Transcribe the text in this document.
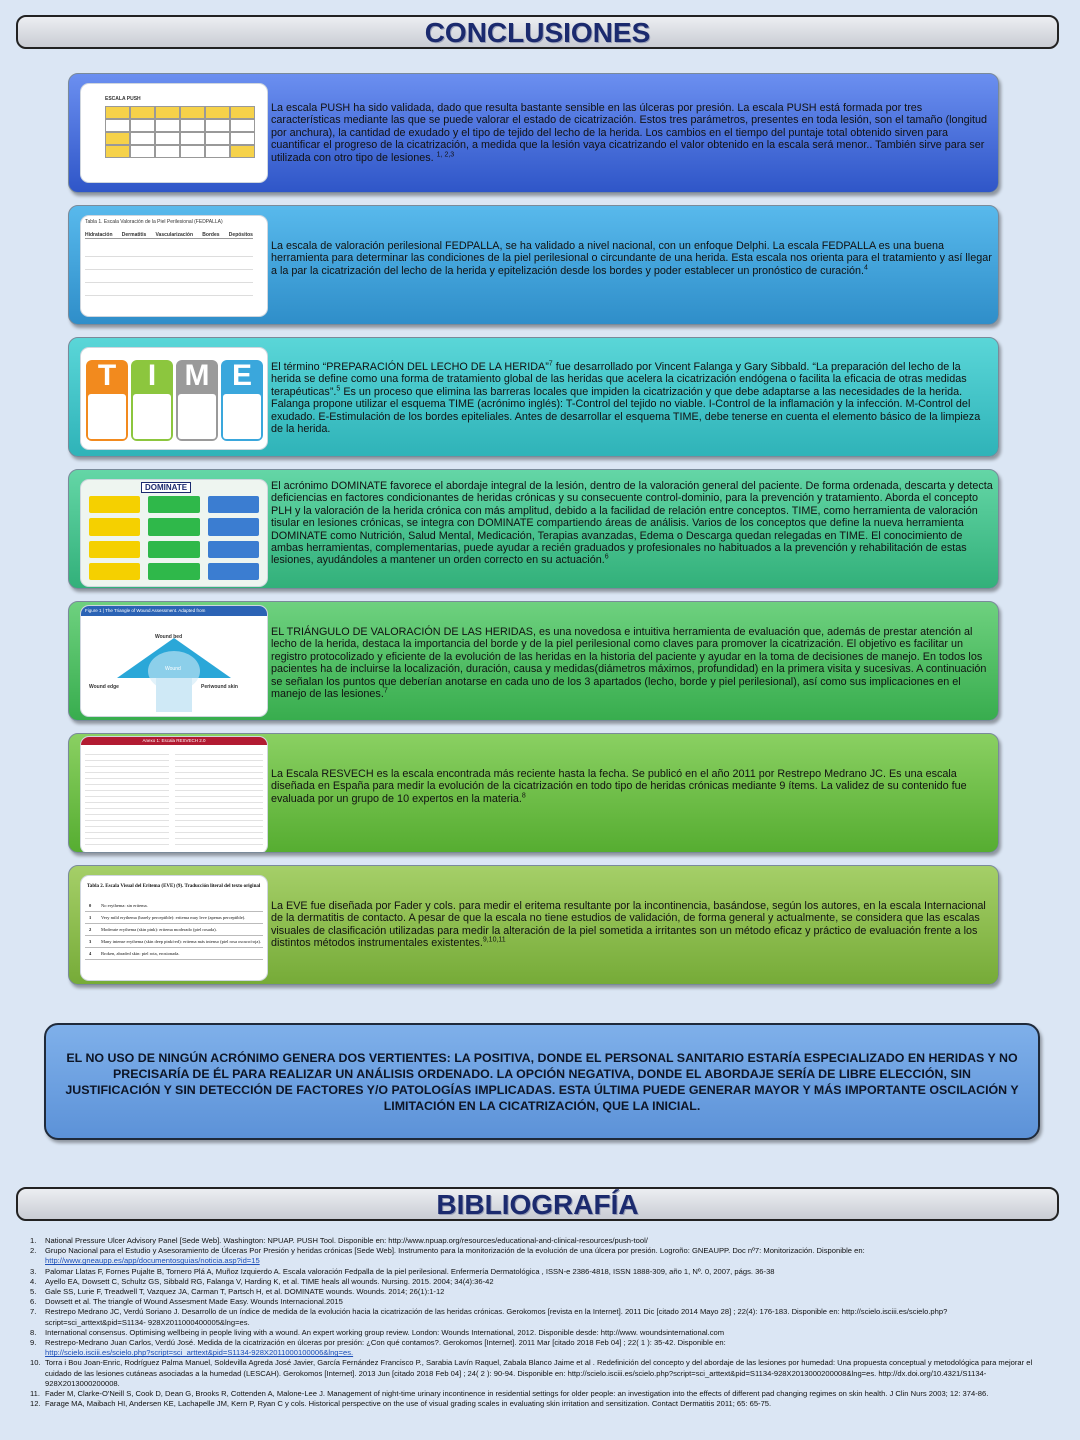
CONCLUSIONES
ESCALA PUSH

La escala PUSH ha sido validada, dado que resulta bastante sensible en las úlceras por presión. La escala PUSH está formada por tres características mediante las que se puede valorar el estado de cicatrización. Estos tres parámetros, presentes en toda lesión, son el tamaño (longitud por anchura), la cantidad de exudado y el tipo de tejido del lecho de la herida. Los cambios en el tiempo del puntaje total obtenido sirven para cuantificar el progreso de la cicatrización, a medida que la lesión vaya cicatrizando el valor obtenido en la escala será menor.. También sirve para ser utilizada con otro tipo de lesiones. $^{1, 2,3}$

Tabla 1. Escala Valoración de la Piel Perilesional (FEDPALLA)
Hidratación Dermatitis Vascularización Bordes Depósitos

La escala de valoración perilesional FEDPALLA, se ha validado a nivel nacional, con un enfoque Delphi. La escala FEDPALLA es una buena herramienta para determinar las condiciones de la piel perilesional o circundante de una herida. Esta escala nos orienta para el tratamiento y así llegar a la par la cicatrización del lecho de la herida y epitelización desde los bordes y poder establecer un pronóstico de curación.$^4$

T I M E El término “PREPARACIÓN DEL LECHO DE LA HERIDA”$^7$ fue desarrollado por Vincent Falanga y Gary Sibbald. “La preparación del lecho de la herida se define como una forma de tratamiento global de las heridas que acelera la cicatrización endógena o facilita la eficacia de otras medidas terapéuticas”.$^5$ Es un proceso que elimina las barreras locales que impiden la cicatrización y que debe adaptarse a las necesidades de la herida. Falanga propone utilizar el esquema TIME (acrónimo inglés): T-Control del tejido no viable. I-Control de la inflamación y la infección. M-Control del exudado. E-Estimulación de los bordes epiteliales. Antes de desarrollar el esquema TIME, debe tenerse en cuenta el elemento básico de la limpieza de la herida.

DOMINATE	El acrónimo DOMINATE favorece el abordaje integral de la lesión, dentro de la valoración general del paciente. De forma ordenada, descarta y detecta deficiencias en factores condicionantes de heridas crónicas y su consecuente control-dominio, para la prevención y tratamiento. Aborda el concepto PLH y la valoración de la herida crónica con más amplitud, debido a la facilidad de relación entre conceptos. TIME, como herramienta de valoración tisular en lesiones crónicas, se integra con DOMINATE compartiendo áreas de análisis. Varios de los conceptos que define la nueva herramienta DOMINATE como Nutrición, Salud Mental, Medicación, Terapias avanzadas, Edema o Descarga quedan relegadas en TIME. El conocimiento de ambas herramientas, complementarias, puede ayudar a recién graduados y profesionales no habituados a la prevención y rehabilitación de estas lesiones, ayudándoles a mantener un orden correcto en su actuación.$^6$

Figure 1 | The Triangle of Wound Assessment. Adapted from
Wound bed
Wound
Wound edge	Periwound skin

EL TRIÁNGULO DE VALORACIÓN DE LAS HERIDAS, es una novedosa e intuitiva herramienta de evaluación que, además de prestar atención al lecho de la herida, destaca la importancia del borde y de la piel perilesional como claves para promover la cicatrización. El objetivo es facilitar un registro protocolizado y eficiente de la evolución de las heridas en la historia del paciente y ayudar en la toma de decisiones de manejo. En todos los pacientes ha de incluirse la localización, duración, causa y medidas(diámetros máximos, profundidad) en la primera visita y sucesivas. A continuación se señalan los puntos que deberían anotarse en cada uno de los 3 apartados (lecho, borde y piel perilesional), así como sus implicaciones en el manejo de las lesiones.$^7$

Anexo 1: Escala RESVECH 2.0

La Escala RESVECH es la escala encontrada más reciente hasta la fecha. Se publicó en el año 2011 por Restrepo Medrano JC. Es una escala diseñada en España para medir la evolución de la cicatrización en todo tipo de heridas crónicas mediante 9 ítems. La validez de su contenido fue evaluada por un grupo de 10 expertos en la materia.$^8$

Tabla 2. Escala Visual del Eritema (EVE) (9). Traducción literal del texto original
0 No erythema: sin eritema.
1 Very mild erythema (barely perceptible): eritema muy leve (apenas perceptible).
2 Moderate erythema (skin pink): eritema moderado (piel rosada).
3 Many intense erythema (skin deep pink/red): eritema más intenso (piel rosa oscuro/roja).
4 Broken, abraded skin: piel rota, erosionada.

La EVE fue diseñada por Fader y cols. para medir el eritema resultante por la incontinencia, basándose, según los autores, en la escala Internacional de la dermatitis de contacto. A pesar de que la escala no tiene estudios de validación, de forma general y actualmente, se considera que las escalas visuales de clasificación utilizadas para medir la alteración de la piel sometida a irritantes son un método eficaz y práctico de evaluación frente a los distintos métodos instrumentales existentes.$^{9,10,11}$

EL NO USO DE NINGÚN ACRÓNIMO GENERA DOS VERTIENTES: LA POSITIVA, DONDE EL PERSONAL SANITARIO ESTARÍA ESPECIALIZADO EN HERIDAS Y NO PRECISARÍA DE ÉL PARA REALIZAR UN ANÁLISIS ORDENADO. LA OPCIÓN NEGATIVA, DONDE EL ABORDAJE SERÍA DE LIBRE ELECCIÓN, SIN JUSTIFICACIÓN Y SIN DETECCIÓN DE FACTORES Y/O PATOLOGÍAS IMPLICADAS. ESTA ÚLTIMA PUEDE GENERAR MAYOR Y MÁS IMPORTANTE OSCILACIÓN Y LIMITACIÓN EN LA CICATRIZACIÓN, QUE LA INICIAL.

BIBLIOGRAFÍA
1. National Pressure Ulcer Advisory Panel [Sede Web]. Washington: NPUAP. PUSH Tool. Disponible en: http://www.npuap.org/resources/educational-and-clinical-resources/push-tool/
2. Grupo Nacional para el Estudio y Asesoramiento de Úlceras Por Presión y heridas crónicas [Sede Web]. Instrumento para la monitorización de la evolución de una úlcera por presión. Logroño: GNEAUPP. Doc nº7: Monitorización. Disponible en:
http://www.gneaupp.es/app/documentosguias/noticia.asp?id=15
3. Palomar Llatas F, Fornes Pujalte B, Tornero Plá A, Muñoz Izquierdo A. Escala valoración Fedpalla de la piel perilesional. Enfermería Dermatológica , ISSN-e 2386-4818, ISSN 1888-309, año 1, Nº. 0, 2007, págs. 36-38
4. Ayello EA, Dowsett C, Schultz GS, Sibbald RG, Falanga V, Harding K, et al. TIME heals all wounds. Nursing. 2015. 2004; 34(4):36-42
5. Gale SS, Lurie F, Treadwell T, Vazquez JA, Carman T, Partsch H, et al. DOMINATE wounds. Wounds. 2014; 26(1):1-12
6. Dowsett et al. The triangle of Wound Assesment Made Easy. Wounds Internacional.2015
7. Restrepo Medrano JC, Verdú Soriano J. Desarrollo de un índice de medida de la evolución hacia la cicatrización de las heridas crónicas. Gerokomos [revista en la Internet]. 2011 Dic [citado 2014 Mayo 28] ; 22(4): 176-183. Disponible en: http://scielo.isciii.es/scielo.php?script=sci_arttext&pid=S1134- 928X2011000400005&lng=es.
8. International consensus. Optimising wellbeing in people living with a wound. An expert working group review. London: Wounds International, 2012. Disponible desde: http://www. woundsinternational.com
9. Restrepo-Medrano Juan Carlos, Verdú José. Medida de la cicatrización en úlceras por presión: ¿Con qué contamos?. Gerokomos [Internet]. 2011 Mar [citado 2018 Feb 04] ; 22( 1 ): 35-42. Disponible en:
http://scielo.isciii.es/scielo.php?script=sci_arttext&pid=S1134-928X2011000100006&lng=es.
10. Torra i Bou Joan-Enric, Rodríguez Palma Manuel, Soldevilla Agreda José Javier, García Fernández Francisco P., Sarabia Lavín Raquel, Zabala Blanco Jaime et al . Redefinición del concepto y del abordaje de las lesiones por humedad: Una propuesta conceptual y metodológica para mejorar el cuidado de las lesiones cutáneas asociadas a la humedad (LESCAH). Gerokomos [Internet]. 2013 Jun [citado 2018 Feb 04] ; 24( 2 ): 90-94. Disponible en: http://scielo.isciii.es/scielo.php?script=sci_arttext&pid=S1134-928X2013000200008&lng=es. http://dx.doi.org/10.4321/S1134-928X2013000200008.
11. Fader M, Clarke-O'Neill S, Cook D, Dean G, Brooks R, Cottenden A, Malone-Lee J. Management of night-time urinary incontinence in residential settings for older people: an investigation into the effects of different pad changing regimes on skin health. J Clin Nurs 2003; 12: 374-86.
12. Farage MA, Maibach HI, Andersen KE, Lachapelle JM, Kern P, Ryan C y cols. Historical perspective on the use of visual grading scales in evaluating skin irritation and sensitization. Contact Dermatitis 2011; 65: 65-75.
